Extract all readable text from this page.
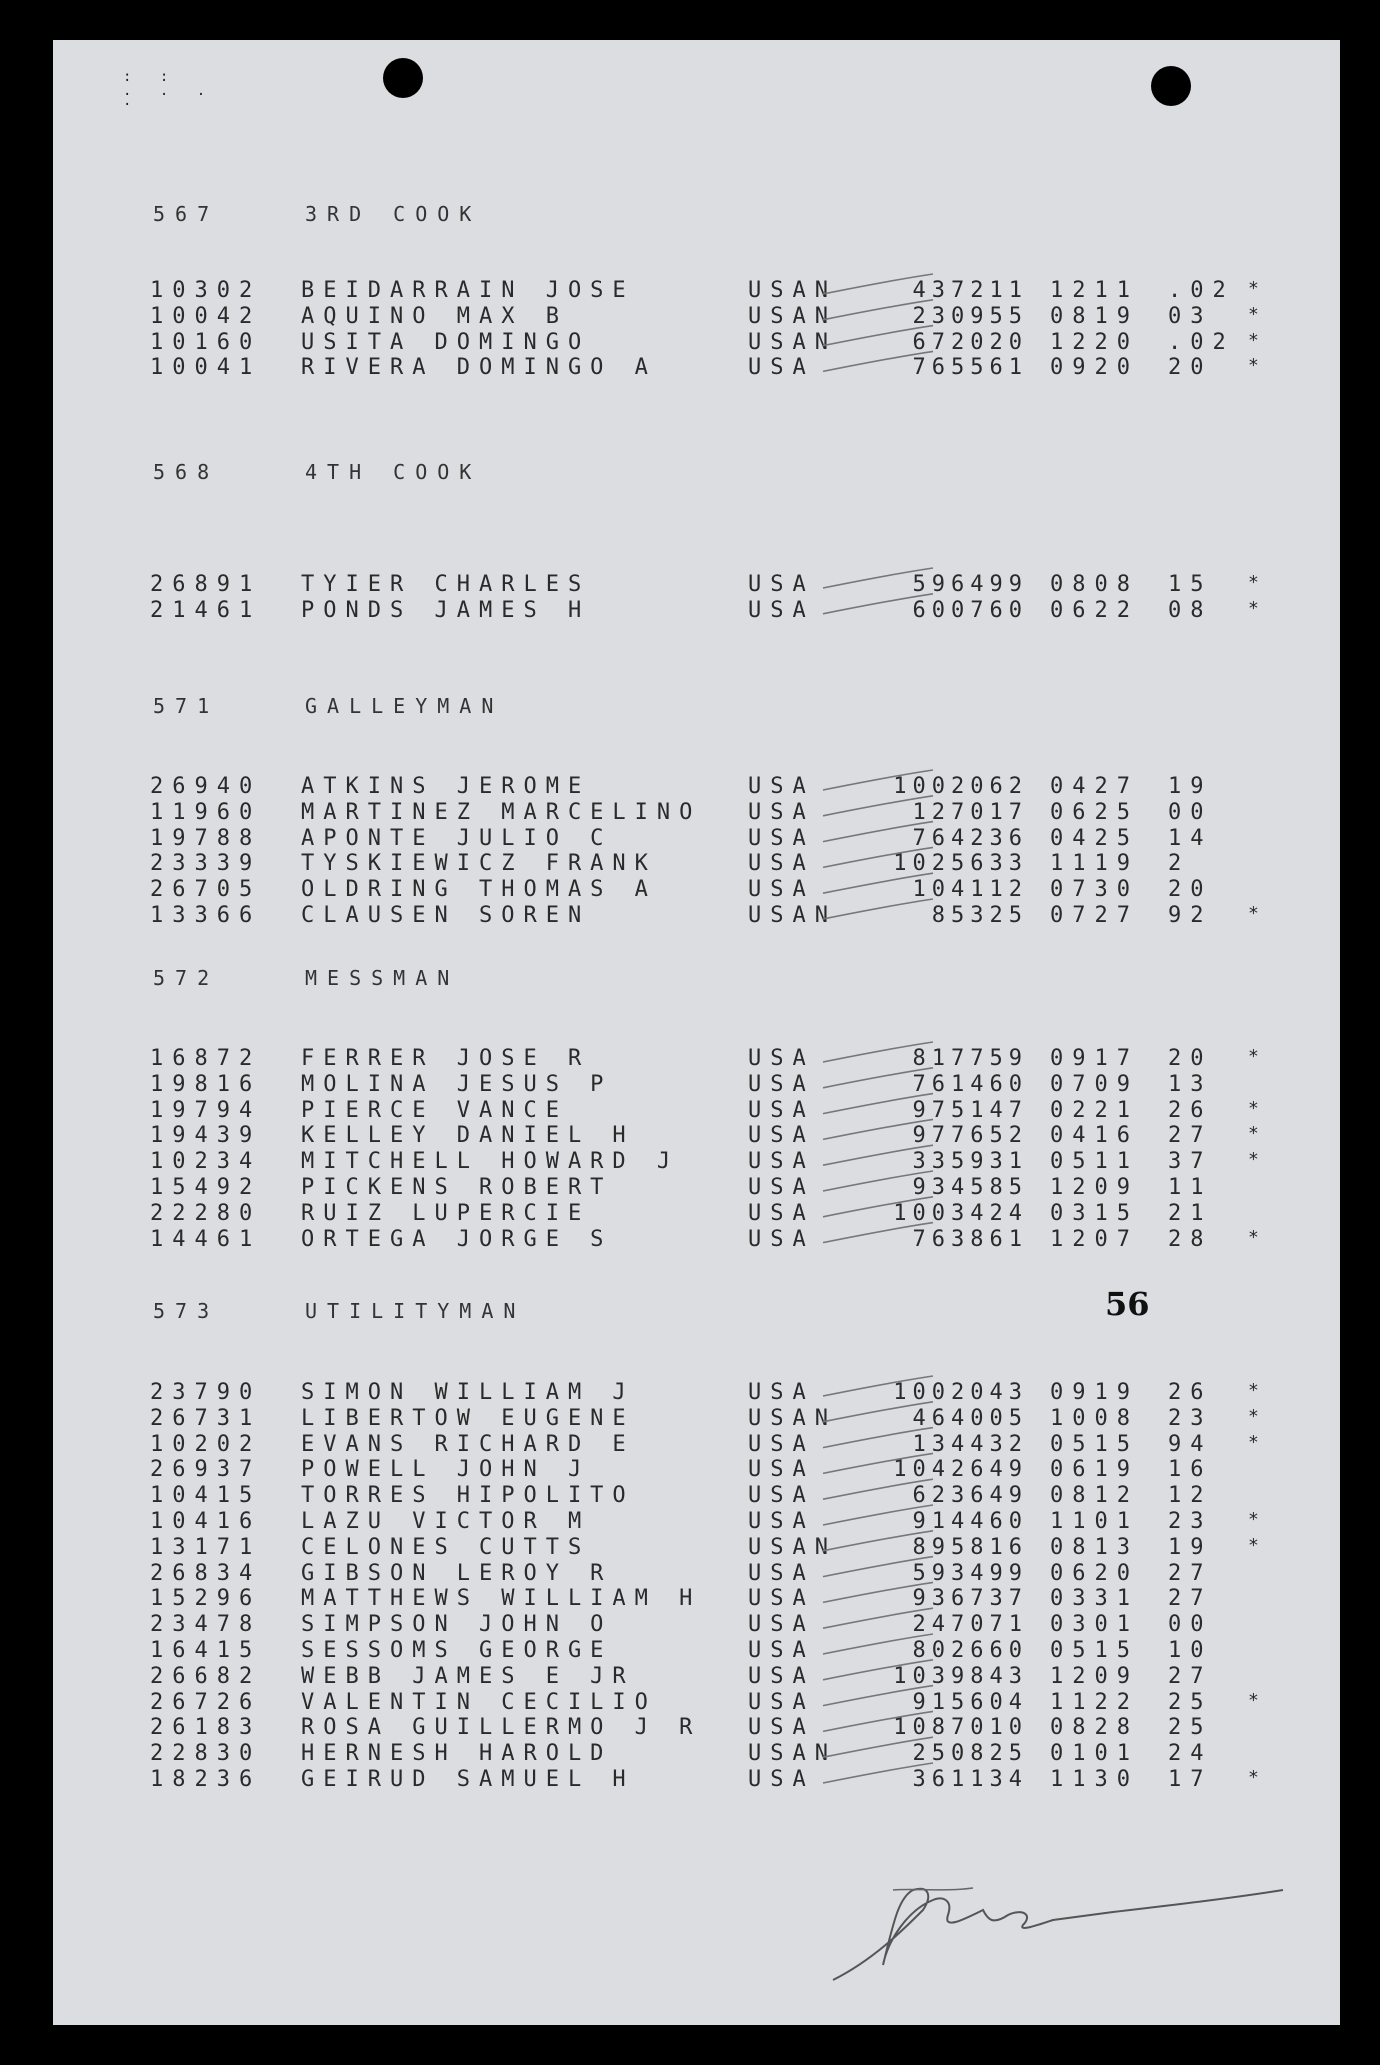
: :
. . .
·
567	3RD COOK
10302 BEIDARRAIN JOSE	USAN	437211 1211 .02 *
10042 AQUINO MAX B	USAN	230955 0819 03 *
10160 USITA DOMINGO	USAN	672020 1220 .02 *
10041 RIVERA DOMINGO A	USA	765561 0920 20 *
568	4TH COOK
26891 TYIER CHARLES	USA	596499 0808 15 *
21461 PONDS JAMES H	USA	600760 0622 08 *
571	GALLEYMAN
26940 ATKINS JEROME	USA	1002062 0427 19
11960 MARTINEZ MARCELINO USA	127017 0625 00
19788 APONTE JULIO C	USA	764236 0425 14
23339 TYSKIEWICZ FRANK	USA	1025633 1119 2
26705 OLDRING THOMAS A	USA	104112 0730 20
13366 CLAUSEN SOREN	USAN	85325 0727 92 *
572	MESSMAN
16872 FERRER JOSE R	USA	817759 0917 20 *
19816 MOLINA JESUS P	USA	761460 0709 13
19794 PIERCE VANCE	USA	975147 0221 26 *
19439 KELLEY DANIEL H	USA	977652 0416 27 *
10234 MITCHELL HOWARD J	USA	335931 0511 37 *
15492 PICKENS ROBERT	USA	934585 1209 11
22280 RUIZ LUPERCIE	USA	1003424 0315 21
14461 ORTEGA JORGE S	USA	763861 1207 28 *
573	UTILITYMAN
23790 SIMON WILLIAM J	USA	1002043 0919 26 *
26731 LIBERTOW EUGENE	USAN	464005 1008 23 *
10202 EVANS RICHARD E	USA	134432 0515 94 *
26937 POWELL JOHN J	USA	1042649 0619 16
10415 TORRES HIPOLITO	USA	623649 0812 12
10416 LAZU VICTOR M	USA	914460 1101 23 *
13171 CELONES CUTTS	USAN	895816 0813 19 *
26834 GIBSON LEROY R	USA	593499 0620 27
15296 MATTHEWS WILLIAM H USA	936737 0331 27
23478 SIMPSON JOHN O	USA	247071 0301 00
16415 SESSOMS GEORGE	USA	802660 0515 10
26682 WEBB JAMES E JR	USA	1039843 1209 27
26726 VALENTIN CECILIO	USA	915604 1122 25 *
26183 ROSA GUILLERMO J R USA	1087010 0828 25
22830 HERNESH HAROLD	USAN	250825 0101 24
18236 GEIRUD SAMUEL H	USA	361134 1130 17 *
56
